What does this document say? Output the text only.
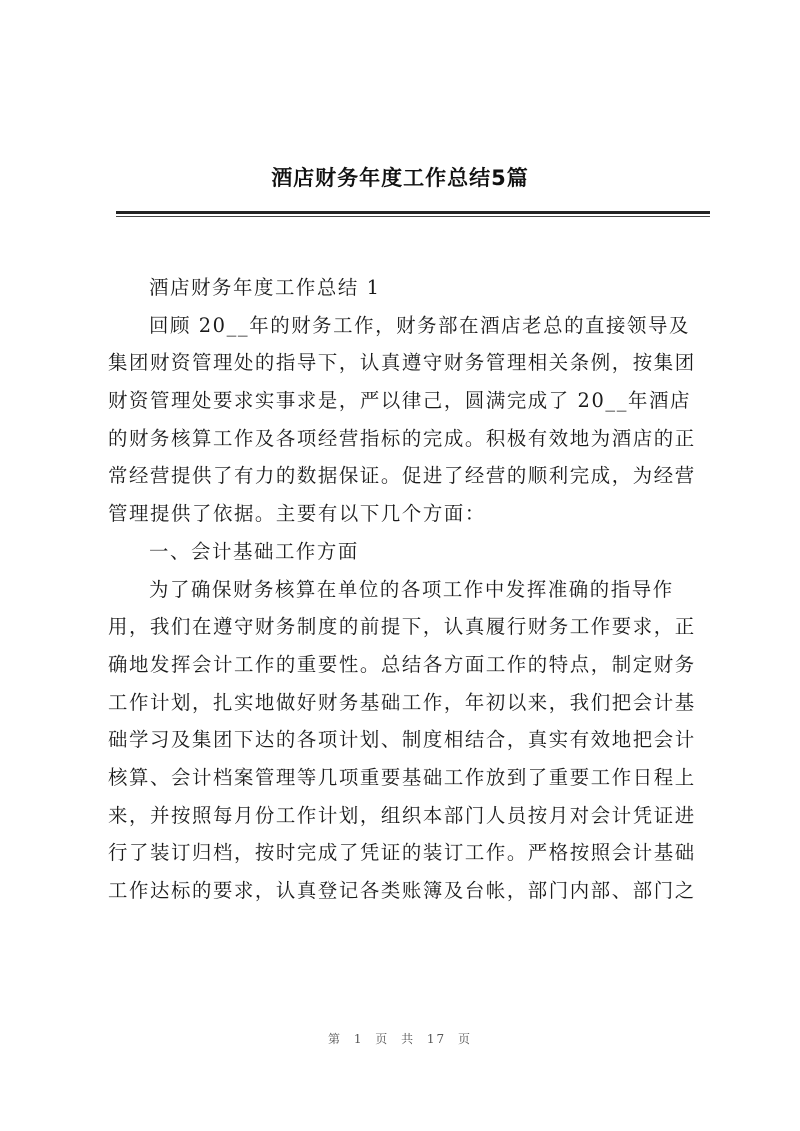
酒店财务年度工作总结5篇
酒店财务年度工作总结 1
回顾 20__年的财务工作，财务部在酒店老总的直接领导及
集团财资管理处的指导下，认真遵守财务管理相关条例，按集团
财资管理处要求实事求是，严以律己，圆满完成了 20__年酒店
的财务核算工作及各项经营指标的完成。积极有效地为酒店的正
常经营提供了有力的数据保证。促进了经营的顺利完成，为经营
管理提供了依据。主要有以下几个方面：
一、会计基础工作方面
为了确保财务核算在单位的各项工作中发挥准确的指导作
用，我们在遵守财务制度的前提下，认真履行财务工作要求，正
确地发挥会计工作的重要性。总结各方面工作的特点，制定财务
工作计划，扎实地做好财务基础工作，年初以来，我们把会计基
础学习及集团下达的各项计划、制度相结合，真实有效地把会计
核算、会计档案管理等几项重要基础工作放到了重要工作日程上
来，并按照每月份工作计划，组织本部门人员按月对会计凭证进
行了装订归档，按时完成了凭证的装订工作。严格按照会计基础
工作达标的要求，认真登记各类账簿及台帐，部门内部、部门之
第 1 页 共 17 页
